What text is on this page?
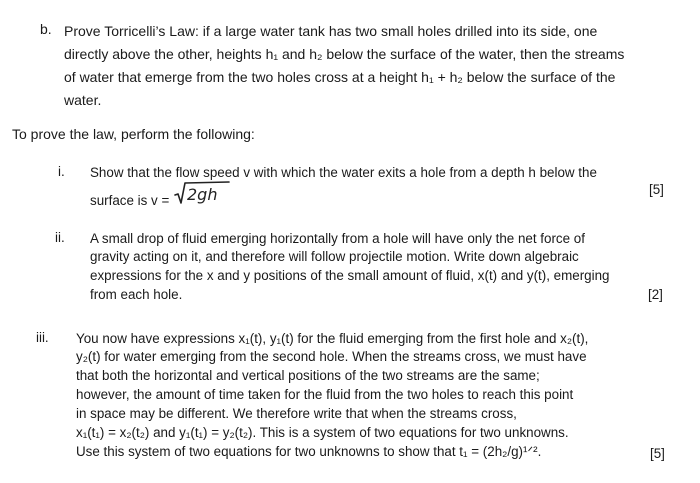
b. Prove Torricelli’s Law: if a large water tank has two small holes drilled into its side, one
directly above the other, heights h₁ and h₂ below the surface of the water, then the streams
of water that emerge from the two holes cross at a height h₁ + h₂ below the surface of the
water.
To prove the law, perform the following:
i. Show that the flow speed v with which the water exits a hole from a depth h below the
surface is v = 2gh	[5]
ii. A small drop of fluid emerging horizontally from a hole will have only the net force of
gravity acting on it, and therefore will follow projectile motion. Write down algebraic
expressions for the x and y positions of the small amount of fluid, x(t) and y(t), emerging
from each hole.	[2]
iii. You now have expressions x₁(t), y₁(t) for the fluid emerging from the first hole and x₂(t),
y₂(t) for water emerging from the second hole. When the streams cross, we must have
that both the horizontal and vertical positions of the two streams are the same;
however, the amount of time taken for the fluid from the two holes to reach this point
in space may be different. We therefore write that when the streams cross,
x₁(t₁) = x₂(t₂) and y₁(t₁) = y₂(t₂). This is a system of two equations for two unknowns.
Use this system of two equations for two unknowns to show that t₁ = (2h₂/g)¹ᐟ².	[5]
